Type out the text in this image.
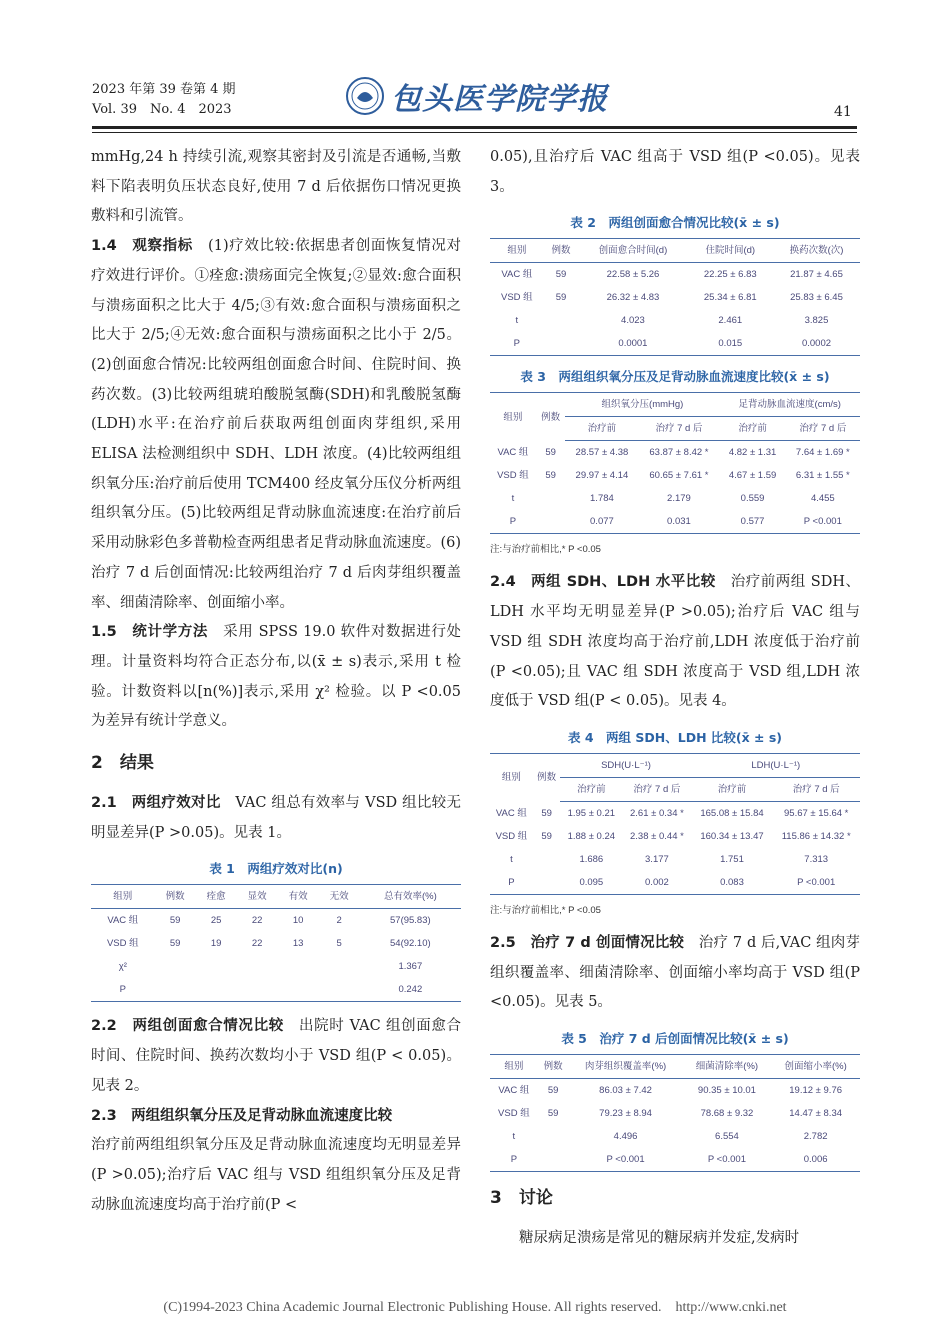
2023 年第 39 卷第 4 期
Vol. 39　No. 4　2023	包头医学院学报	41

mmHg,24 h 持续引流,观察其密封及引流是否通畅,当敷料下陷表明负压状态良好,使用 7 d 后依据伤口情况更换敷料和引流管。

1.4　观察指标　(1)疗效比较:依据患者创面恢复情况对疗效进行评价。①痊愈:溃疡面完全恢复;②显效:愈合面积与溃疡面积之比大于 4/5;③有效:愈合面积与溃疡面积之比大于 2/5;④无效:愈合面积与溃疡面积之比小于 2/5。(2)创面愈合情况:比较两组创面愈合时间、住院时间、换药次数。(3)比较两组琥珀酸脱氢酶(SDH)和乳酸脱氢酶(LDH)水平:在治疗前后获取两组创面肉芽组织,采用 ELISA 法检测组织中 SDH、LDH 浓度。(4)比较两组组织氧分压:治疗前后使用 TCM400 经皮氧分压仪分析两组组织氧分压。(5)比较两组足背动脉血流速度:在治疗前后采用动脉彩色多普勒检查两组患者足背动脉血流速度。(6)治疗 7 d 后创面情况:比较两组治疗 7 d 后肉芽组织覆盖率、细菌清除率、创面缩小率。

1.5　统计学方法　采用 SPSS 19.0 软件对数据进行处理。计量资料均符合正态分布,以(x̄ ± s)表示,采用 t 检验。计数资料以[n(%)]表示,采用 χ² 检验。以 P <0.05 为差异有统计学意义。

2　结果

2.1　两组疗效对比　VAC 组总有效率与 VSD 组比较无明显差异(P >0.05)。见表 1。

表 1　两组疗效对比(n)
组别	例数	痊愈	显效	有效	无效	总有效率(%)
VAC 组	59	25	22	10	2	57(95.83)
VSD 组	59	19	22	13	5	54(92.10)
χ²						1.367
P						0.242

2.2　两组创面愈合情况比较　出院时 VAC 组创面愈合时间、住院时间、换药次数均小于 VSD 组(P < 0.05)。见表 2。

2.3　两组组织氧分压及足背动脉血流速度比较

治疗前两组组织氧分压及足背动脉血流速度均无明显差异(P >0.05);治疗后 VAC 组与 VSD 组组织氧分压及足背动脉血流速度均高于治疗前(P <

0.05),且治疗后 VAC 组高于 VSD 组(P <0.05)。见表 3。

表 2　两组创面愈合情况比较(x̄ ± s)
组别	例数	创面愈合时间(d)	住院时间(d)	换药次数(次)
VAC 组	59	22.58 ± 5.26	22.25 ± 6.83	21.87 ± 4.65
VSD 组	59	26.32 ± 4.83	25.34 ± 6.81	25.83 ± 6.45
t		4.023	2.461	3.825
P		0.0001	0.015	0.0002
表 3　两组组织氧分压及足背动脉血流速度比较(x̄ ± s)
组别	例数	组织氧分压(mmHg)		足背动脉血流速度(cm/s)	
		治疗前	治疗 7 d 后	治疗前	治疗 7 d 后
VAC 组	59	28.57 ± 4.38	63.87 ± 8.42 *	4.82 ± 1.31	7.64 ± 1.69 *
VSD 组	59	29.97 ± 4.14	60.65 ± 7.61 *	4.67 ± 1.59	6.31 ± 1.55 *
t		1.784	2.179	0.559	4.455
P		0.077	0.031	0.577	P <0.001
注:与治疗前相比,* P <0.05

2.4　两组 SDH、LDH 水平比较　治疗前两组 SDH、LDH 水平均无明显差异(P >0.05);治疗后 VAC 组与 VSD 组 SDH 浓度均高于治疗前,LDH 浓度低于治疗前(P <0.05);且 VAC 组 SDH 浓度高于 VSD 组,LDH 浓度低于 VSD 组(P < 0.05)。见表 4。

表 4　两组 SDH、LDH 比较(x̄ ± s)
组别	例数	SDH(U·L⁻¹)		LDH(U·L⁻¹)	
		治疗前	治疗 7 d 后	治疗前	治疗 7 d 后
VAC 组	59	1.95 ± 0.21	2.61 ± 0.34 *	165.08 ± 15.84	95.67 ± 15.64 *
VSD 组	59	1.88 ± 0.24	2.38 ± 0.44 *	160.34 ± 13.47	115.86 ± 14.32 *
t		1.686	3.177	1.751	7.313
P		0.095	0.002	0.083	P <0.001
注:与治疗前相比,* P <0.05

2.5　治疗 7 d 创面情况比较　治疗 7 d 后,VAC 组肉芽组织覆盖率、细菌清除率、创面缩小率均高于 VSD 组(P <0.05)。见表 5。

表 5　治疗 7 d 后创面情况比较(x̄ ± s)
组别	例数	肉芽组织覆盖率(%)	细菌清除率(%)	创面缩小率(%)
VAC 组	59	86.03 ± 7.42	90.35 ± 10.01	19.12 ± 9.76
VSD 组	59	79.23 ± 8.94	78.68 ± 9.32	14.47 ± 8.34
t		4.496	6.554	2.782
P		P <0.001	P <0.001	0.006
3　讨论

糖尿病足溃疡是常见的糖尿病并发症,发病时

(C)1994-2023 China Academic Journal Electronic Publishing House. All rights reserved.　http://www.cnki.net
